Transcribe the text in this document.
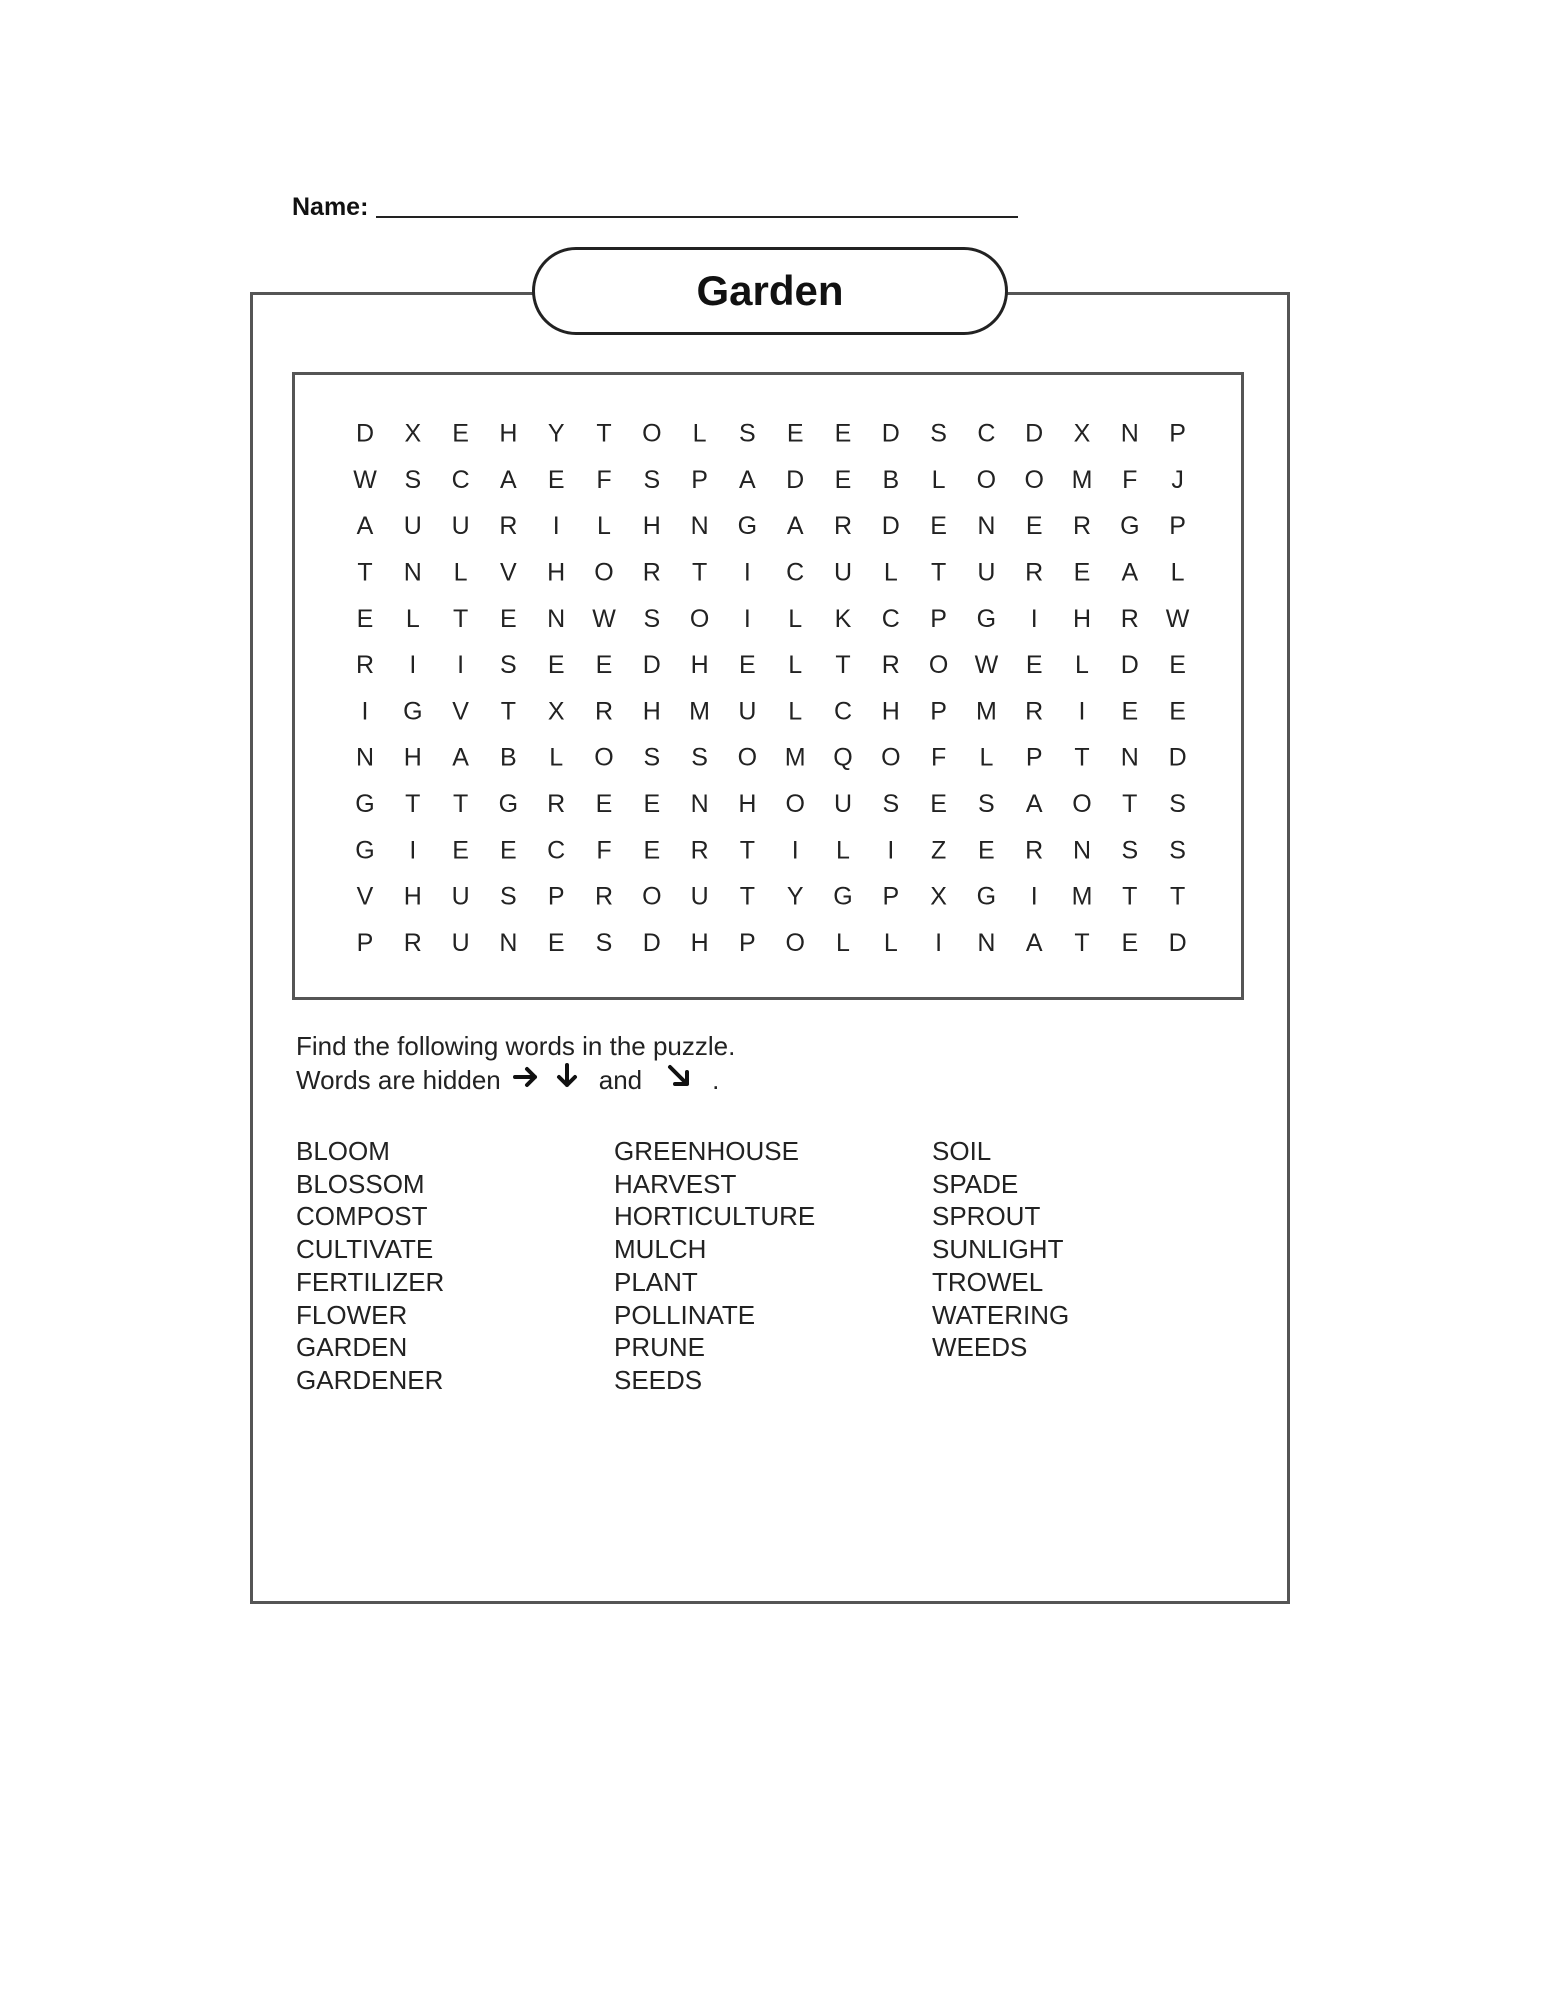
Name:
Garden
D X E H Y T O L S E E D S C D X N P
W S C A E F S P A D E B L O O M F J
A U U R I L H N G A R D E N E R G P
T N L V H O R T I C U L T U R E A L
E L T E N W S O I L K C P G I H R W
R I I S E E D H E L T R O W E L D E
I G V T X R H M U L C H P M R I E E
N H A B L O S S O M Q O F L P T N D
G T T G R E E N H O U S E S A O T S
G I E E C F E R T I L I Z E R N S S
V H U S P R O U T Y G P X G I M T T
P R U N E S D H P O L L I N A T E D
Find the following words in the puzzle.
Words are hidden	and	.
BLOOM
BLOSSOM
COMPOST
CULTIVATE
FERTILIZER
FLOWER
GARDEN
GARDENER
GREENHOUSE
HARVEST
HORTICULTURE
MULCH
PLANT
POLLINATE
PRUNE
SEEDS
SOIL
SPADE
SPROUT
SUNLIGHT
TROWEL
WATERING
WEEDS
